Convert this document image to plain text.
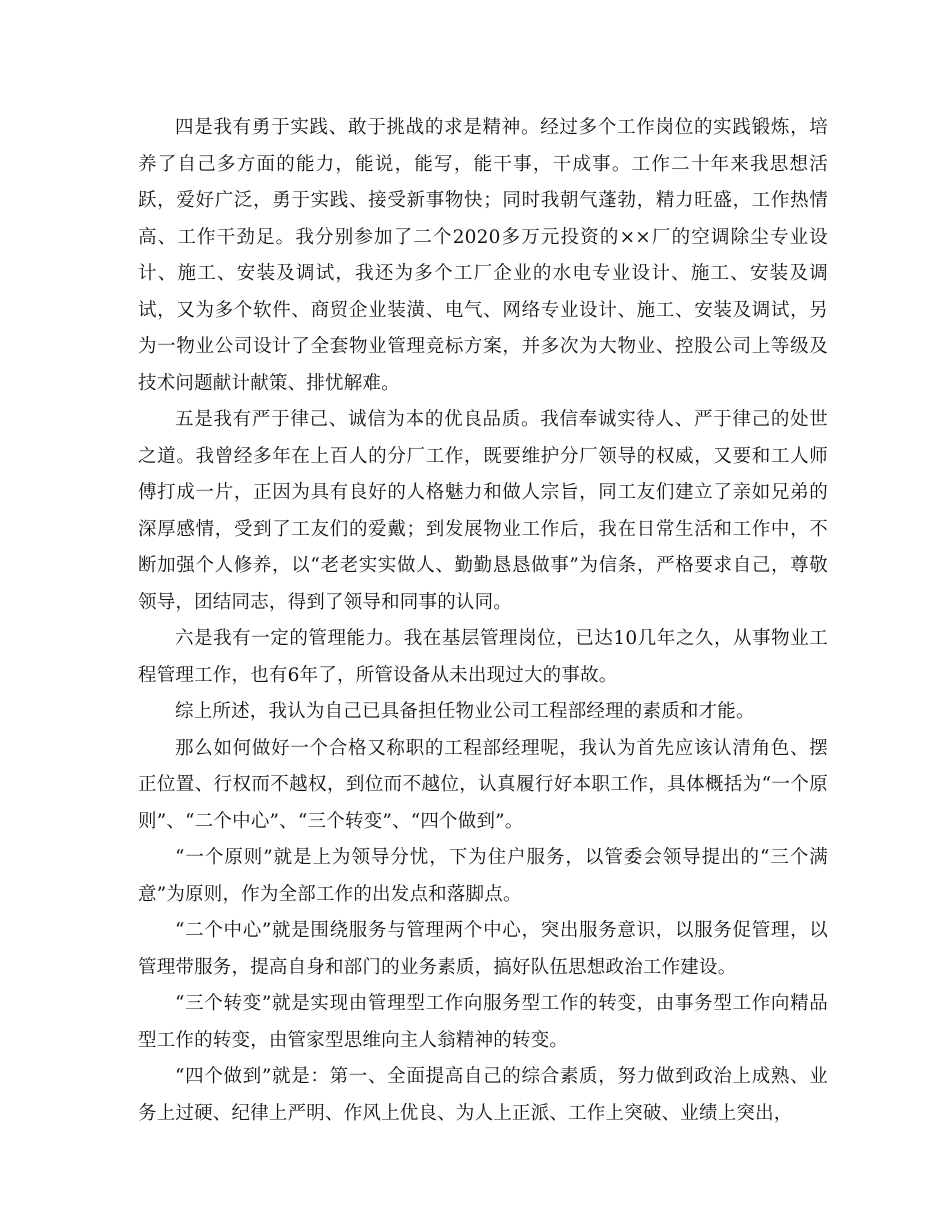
四是我有勇于实践、敢于挑战的求是精神。经过多个工作岗位的实践锻炼，培养了自己多方面的能力，能说，能写，能干事，干成事。工作二十年来我思想活跃，爱好广泛，勇于实践、接受新事物快；同时我朝气蓬勃，精力旺盛，工作热情高、工作干劲足。我分别参加了二个2020多万元投资的××厂的空调除尘专业设计、施工、安装及调试，我还为多个工厂企业的水电专业设计、施工、安装及调试，又为多个软件、商贸企业装潢、电气、网络专业设计、施工、安装及调试，另为一物业公司设计了全套物业管理竞标方案，并多次为大物业、控股公司上等级及技术问题献计献策、排忧解难。

五是我有严于律己、诚信为本的优良品质。我信奉诚实待人、严于律己的处世之道。我曾经多年在上百人的分厂工作，既要维护分厂领导的权威，又要和工人师傅打成一片，正因为具有良好的人格魅力和做人宗旨，同工友们建立了亲如兄弟的深厚感情，受到了工友们的爱戴；到发展物业工作后，我在日常生活和工作中，不断加强个人修养，以“老老实实做人、勤勤恳恳做事”为信条，严格要求自己，尊敬领导，团结同志，得到了领导和同事的认同。

六是我有一定的管理能力。我在基层管理岗位，已达10几年之久，从事物业工程管理工作，也有6年了，所管设备从未出现过大的事故。

综上所述，我认为自己已具备担任物业公司工程部经理的素质和才能。

那么如何做好一个合格又称职的工程部经理呢，我认为首先应该认清角色、摆正位置、行权而不越权，到位而不越位，认真履行好本职工作，具体概括为“一个原则”、“二个中心”、“三个转变”、“四个做到”。

“一个原则”就是上为领导分忧，下为住户服务，以管委会领导提出的“三个满意”为原则，作为全部工作的出发点和落脚点。

“二个中心”就是围绕服务与管理两个中心，突出服务意识，以服务促管理，以管理带服务，提高自身和部门的业务素质，搞好队伍思想政治工作建设。

“三个转变”就是实现由管理型工作向服务型工作的转变，由事务型工作向精品型工作的转变，由管家型思维向主人翁精神的转变。

“四个做到”就是：第一、全面提高自己的综合素质，努力做到政治上成熟、业务上过硬、纪律上严明、作风上优良、为人上正派、工作上突破、业绩上突出，
